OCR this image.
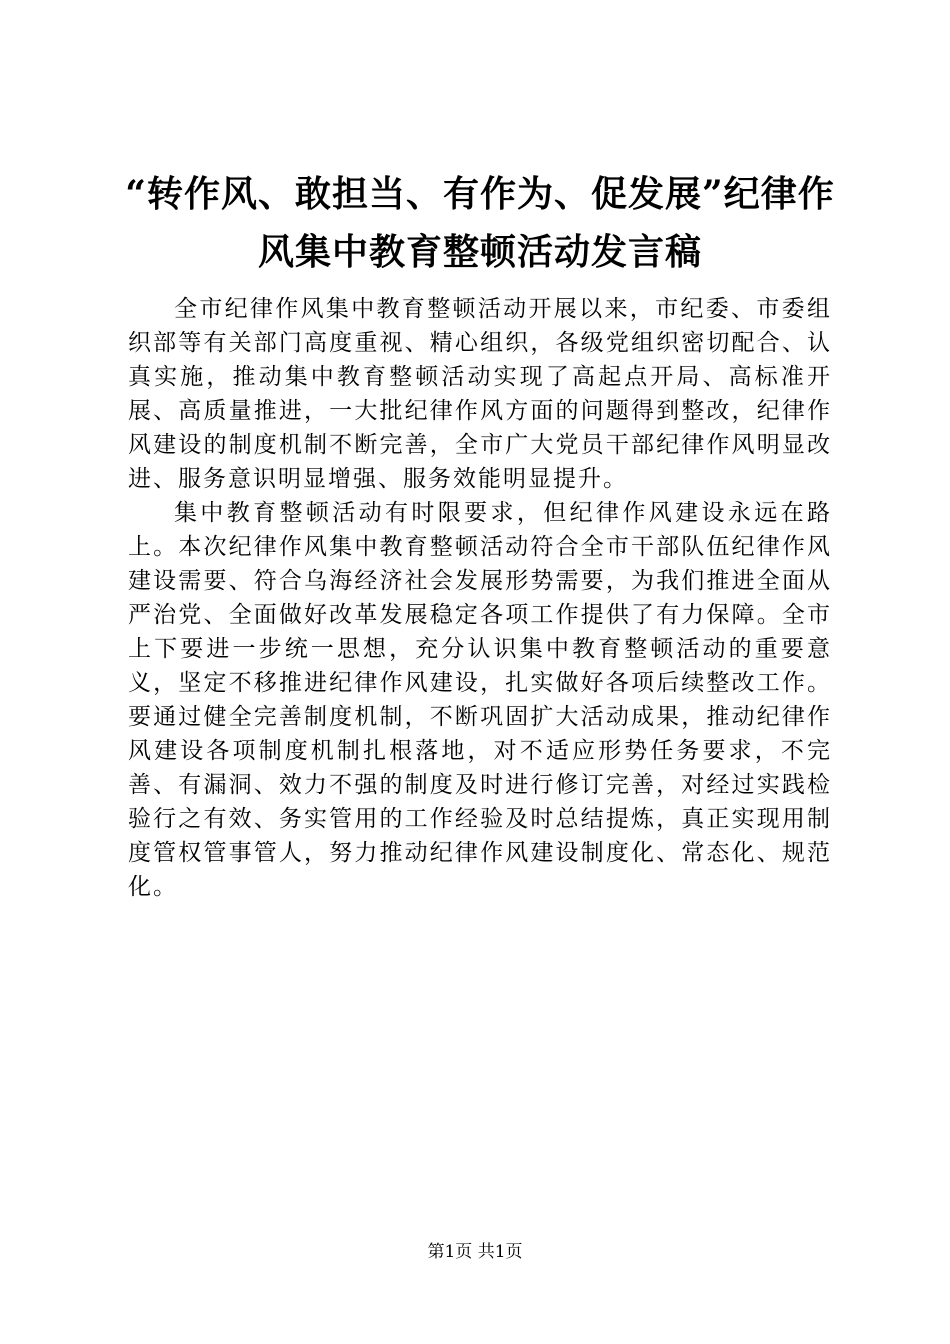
“转作风、敢担当、有作为、促发展”纪律作
风集中教育整顿活动发言稿

全市纪律作风集中教育整顿活动开展以来，市纪委、市委组织部等有关部门高度重视、精心组织，各级党组织密切配合、认真实施，推动集中教育整顿活动实现了高起点开局、高标准开展、高质量推进，一大批纪律作风方面的问题得到整改，纪律作风建设的制度机制不断完善，全市广大党员干部纪律作风明显改进、服务意识明显增强、服务效能明显提升。

集中教育整顿活动有时限要求，但纪律作风建设永远在路上。本次纪律作风集中教育整顿活动符合全市干部队伍纪律作风建设需要、符合乌海经济社会发展形势需要，为我们推进全面从严治党、全面做好改革发展稳定各项工作提供了有力保障。全市上下要进一步统一思想，充分认识集中教育整顿活动的重要意义，坚定不移推进纪律作风建设，扎实做好各项后续整改工作。要通过健全完善制度机制，不断巩固扩大活动成果，推动纪律作风建设各项制度机制扎根落地，对不适应形势任务要求，不完善、有漏洞、效力不强的制度及时进行修订完善，对经过实践检验行之有效、务实管用的工作经验及时总结提炼，真正实现用制度管权管事管人，努力推动纪律作风建设制度化、常态化、规范化。

第1页 共1页
